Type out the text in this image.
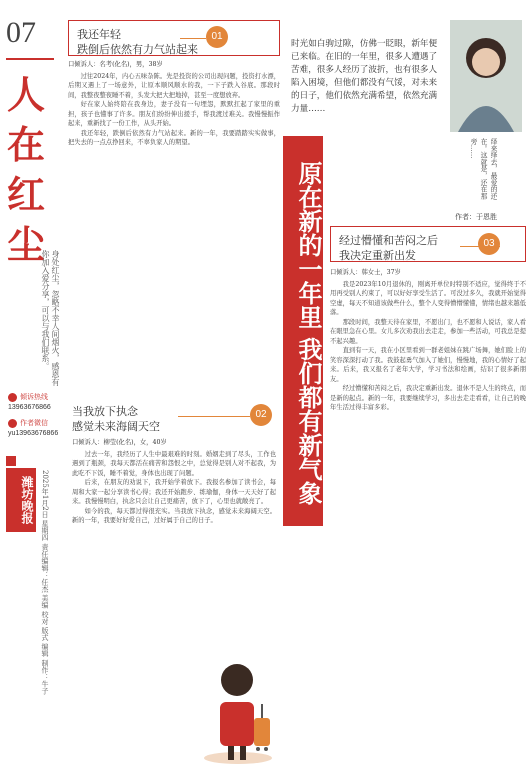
07
人
在
红
尘
身处红尘，忽略不幸人间烟火，感恩有你加入爱分享，可以与我们联系。
倾诉热线
13963676866
作者微信
yu13963676866
潍坊晚报 2025年1月2日 星期四 责任编辑：任杰 美编 校对 版式 编辑 制作：牛子
我还年轻
跌倒后依然有力气站起来
01
口倾诉人：名考(化名)，男，38岁

过往2024年，内心五味杂陈。先是投资的公司出现问题，投资打水漂，后期又遇上了一场意外，让原本顺风顺水的我，一下子跌入谷底。那段时间，我整夜整夜睡不着，头发大把大把地掉，甚至一度想放弃。

好在家人始终陪在我身边，妻子没有一句埋怨，默默扛起了家里的重担，孩子也懂事了许多。朋友们纷纷伸出援手，帮我渡过难关。我慢慢振作起来，重新找了一份工作，从头开始。

我还年轻，跌倒后依然有力气站起来。新的一年，我要踏踏实实做事，把失去的一点点挣回来，不辜负家人的期望。

当我放下执念
感觉未来海阔天空
02
口倾诉人：柳莹(化名)，女，40岁

过去一年，我经历了人生中最艰难的时刻。婚姻走到了尽头，工作也遇到了瓶颈，我每天都活在痛苦和怨恨之中，总觉得是别人对不起我，为此吃不下饭，睡不着觉，身体也出现了问题。

后来，在朋友的劝说下，我开始学着放下。我报名参加了读书会，每周和大家一起分享读书心得；我还开始跑步、练瑜伽，身体一天天好了起来。我慢慢明白，执念只会让自己更痛苦，放下了，心里也就敞亮了。

如今的我，每天都过得很充实。当我放下执念，感觉未来海阔天空。新的一年，我要好好爱自己，过好属于自己的日子。

时光如白驹过隙，仿佛一眨眼，新年便已来临。在旧的一年里，很多人遭遇了苦难，很多人经历了波折，也有很多人陷入困境，但他们都没有气馁，对未来的日子，他们依然充满希望，依然充满力量……
绎来绎去，最爱的还在。这就是，还在那旁……
作者：于恩胜
原在新的一年里 我们都有新气象
经过懵懂和苦闷之后
我决定重新出发
03
口倾诉人：韩女士，37岁

我是2023年10月退休的，刚离开单位时特别不适应，觉得终于不用再受别人约束了，可以好好享受生活了。可没过多久，我就开始觉得空虚，每天不知道该做些什么，整个人变得懵懵懂懂，情绪也越来越低落。

那段时间，我整天待在家里，不愿出门，也不愿和人说话，家人看在眼里急在心里。女儿多次劝我出去走走，参加一些活动，可我总是提不起兴趣。

直到有一天，我在小区里看到一群老姐妹在跳广场舞，她们脸上的笑容深深打动了我。我鼓起勇气加入了她们，慢慢地，我的心情好了起来。后来，我又报名了老年大学，学习书法和绘画，结识了很多新朋友。

经过懵懂和苦闷之后，我决定重新出发。退休不是人生的终点，而是新的起点。新的一年，我要继续学习，多出去走走看看，让自己的晚年生活过得丰富多彩。
